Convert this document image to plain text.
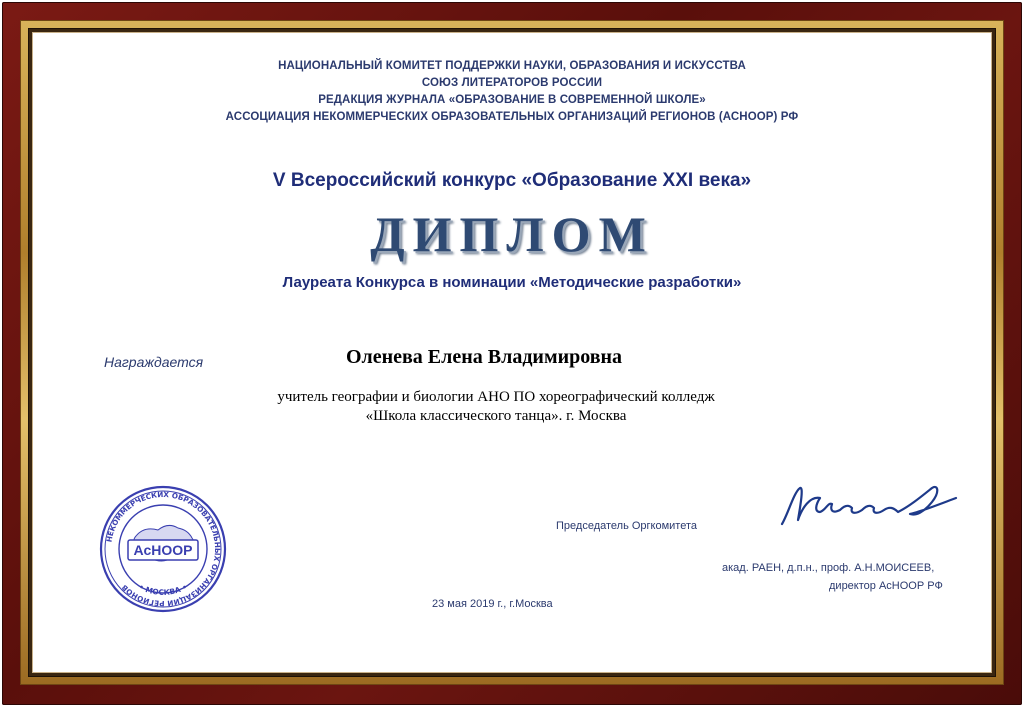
НАЦИОНАЛЬНЫЙ КОМИТЕТ ПОДДЕРЖКИ НАУКИ, ОБРАЗОВАНИЯ И ИСКУССТВА
СОЮЗ ЛИТЕРАТОРОВ РОССИИ
РЕДАКЦИЯ ЖУРНАЛА «ОБРАЗОВАНИЕ В СОВРЕМЕННОЙ ШКОЛЕ»
АССОЦИАЦИЯ НЕКОММЕРЧЕСКИХ ОБРАЗОВАТЕЛЬНЫХ ОРГАНИЗАЦИЙ РЕГИОНОВ (АСНООР) РФ
V Всероссийский конкурс «Образование XXI века»
ДИПЛОМ
Лауреата Конкурса в номинации «Методические разработки»
Награждается	Оленева Елена Владимировна
учитель географии и биологии АНО ПО хореографический колледж
«Школа классического танца». г. Москва
НЕКОММЕРЧЕСКИХ ОБРАЗОВАТЕЛЬНЫХ ОРГАНИЗАЦИЙ РЕГИОНОВ • МОСКВА •
АсНООР
Председатель Оргкомитета
акад. РАЕН, д.п.н., проф. А.Н.МОИСЕЕВ,
директор АсНООР РФ
23 мая 2019 г., г.Москва
